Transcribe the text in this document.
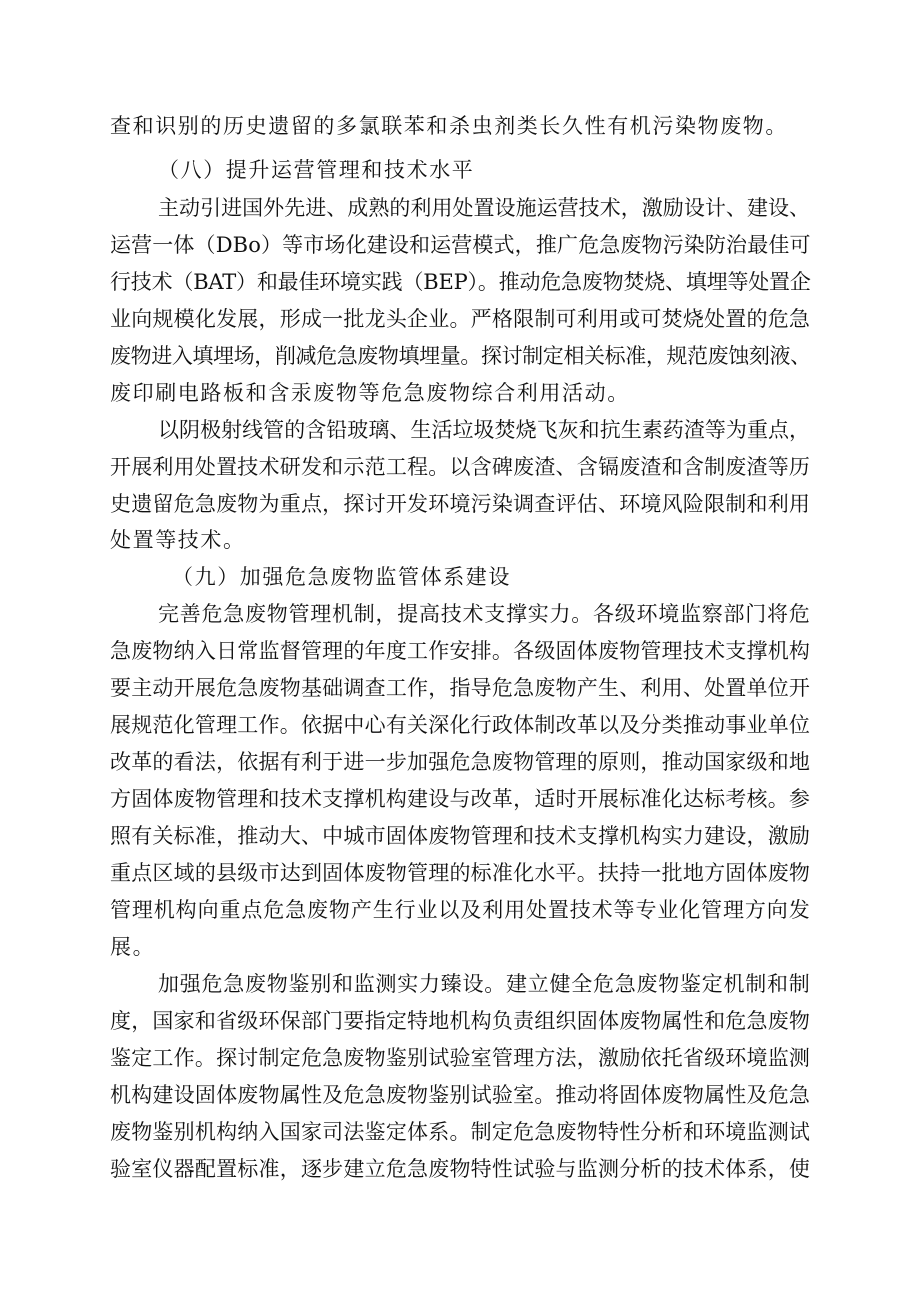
查和识别的历史遗留的多氯联苯和杀虫剂类长久性有机污染物废物。
（八）提升运营管理和技术水平
主动引进国外先进、成熟的利用处置设施运营技术，激励设计、建设、
运营一体（DBo）等市场化建设和运营模式，推广危急废物污染防治最佳可
行技术（BAT）和最佳环境实践（BEP）。推动危急废物焚烧、填埋等处置企
业向规模化发展，形成一批龙头企业。严格限制可利用或可焚烧处置的危急
废物进入填埋场，削减危急废物填埋量。探讨制定相关标准，规范废蚀刻液、
废印刷电路板和含汞废物等危急废物综合利用活动。
以阴极射线管的含铅玻璃、生活垃圾焚烧飞灰和抗生素药渣等为重点，
开展利用处置技术研发和示范工程。以含碑废渣、含镉废渣和含制废渣等历
史遗留危急废物为重点，探讨开发环境污染调查评估、环境风险限制和利用
处置等技术。
（九）加强危急废物监管体系建设
完善危急废物管理机制，提高技术支撑实力。各级环境监察部门将危
急废物纳入日常监督管理的年度工作安排。各级固体废物管理技术支撑机构
要主动开展危急废物基础调查工作，指导危急废物产生、利用、处置单位开
展规范化管理工作。依据中心有关深化行政体制改革以及分类推动事业单位
改革的看法，依据有利于进一步加强危急废物管理的原则，推动国家级和地
方固体废物管理和技术支撑机构建设与改革，适时开展标准化达标考核。参
照有关标准，推动大、中城市固体废物管理和技术支撑机构实力建设，激励
重点区域的县级市达到固体废物管理的标准化水平。扶持一批地方固体废物
管理机构向重点危急废物产生行业以及利用处置技术等专业化管理方向发
展。
加强危急废物鉴别和监测实力臻设。建立健全危急废物鉴定机制和制
度，国家和省级环保部门要指定特地机构负责组织固体废物属性和危急废物
鉴定工作。探讨制定危急废物鉴别试验室管理方法，激励依托省级环境监测
机构建设固体废物属性及危急废物鉴别试验室。推动将固体废物属性及危急
废物鉴别机构纳入国家司法鉴定体系。制定危急废物特性分析和环境监测试
验室仪器配置标准，逐步建立危急废物特性试验与监测分析的技术体系，使
